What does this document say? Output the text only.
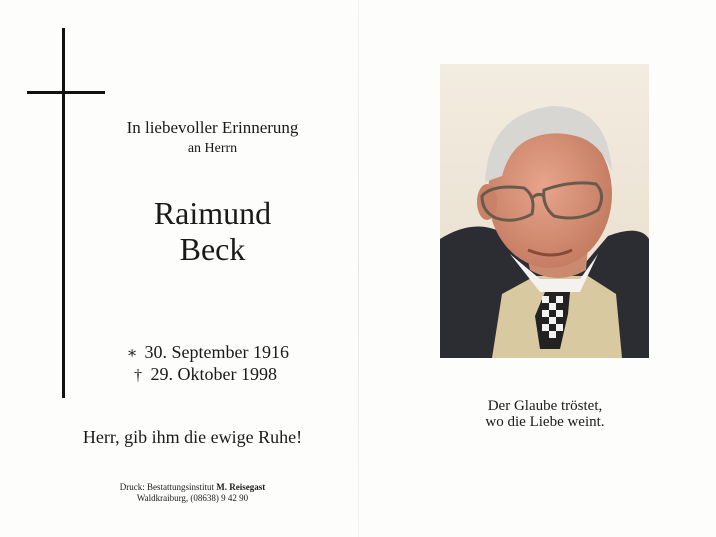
In liebevoller Erinnerung
an Herrn
Raimund
Beck
∗ 30. September 1916
† 29. Oktober 1998
Herr, gib ihm die ewige Ruhe!
Druck: Bestattungsinstitut M. Reisegast
Waldkraiburg, (08638) 9 42 90
Der Glaube tröstet,
wo die Liebe weint.
